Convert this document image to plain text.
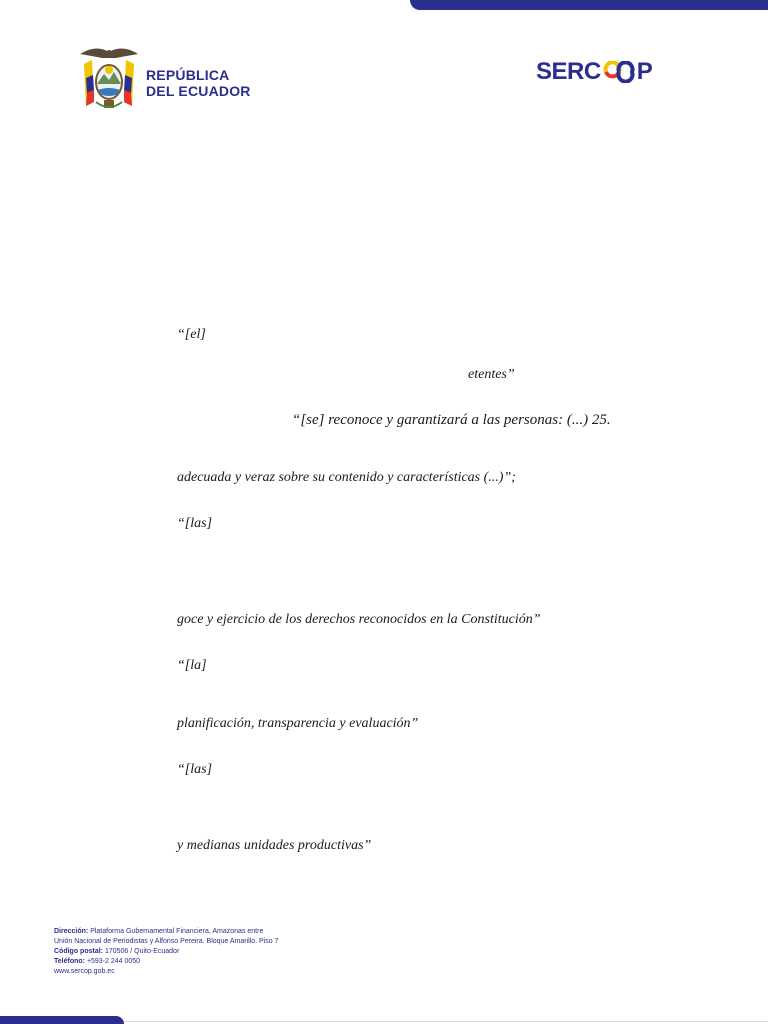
REPÚBLICA
DEL ECUADOR
SERC P
“[el]
etentes”
“[se] reconoce y garantizará a las personas: (...) 25.
adecuada y veraz sobre su contenido y características (...)”;
“[las]
goce y ejercicio de los derechos reconocidos en la Constitución”
“[la]
planificación, transparencia y evaluación”
“[las]
y medianas unidades productivas”
Dirección: Plataforma Gubernamental Financiera, Amazonas entre
Unión Nacional de Periodistas y Alfonso Pereira. Bloque Amarillo. Piso 7
Código postal: 170506 / Quito-Ecuador
Teléfono: +593-2 244 0050
www.sercop.gob.ec
